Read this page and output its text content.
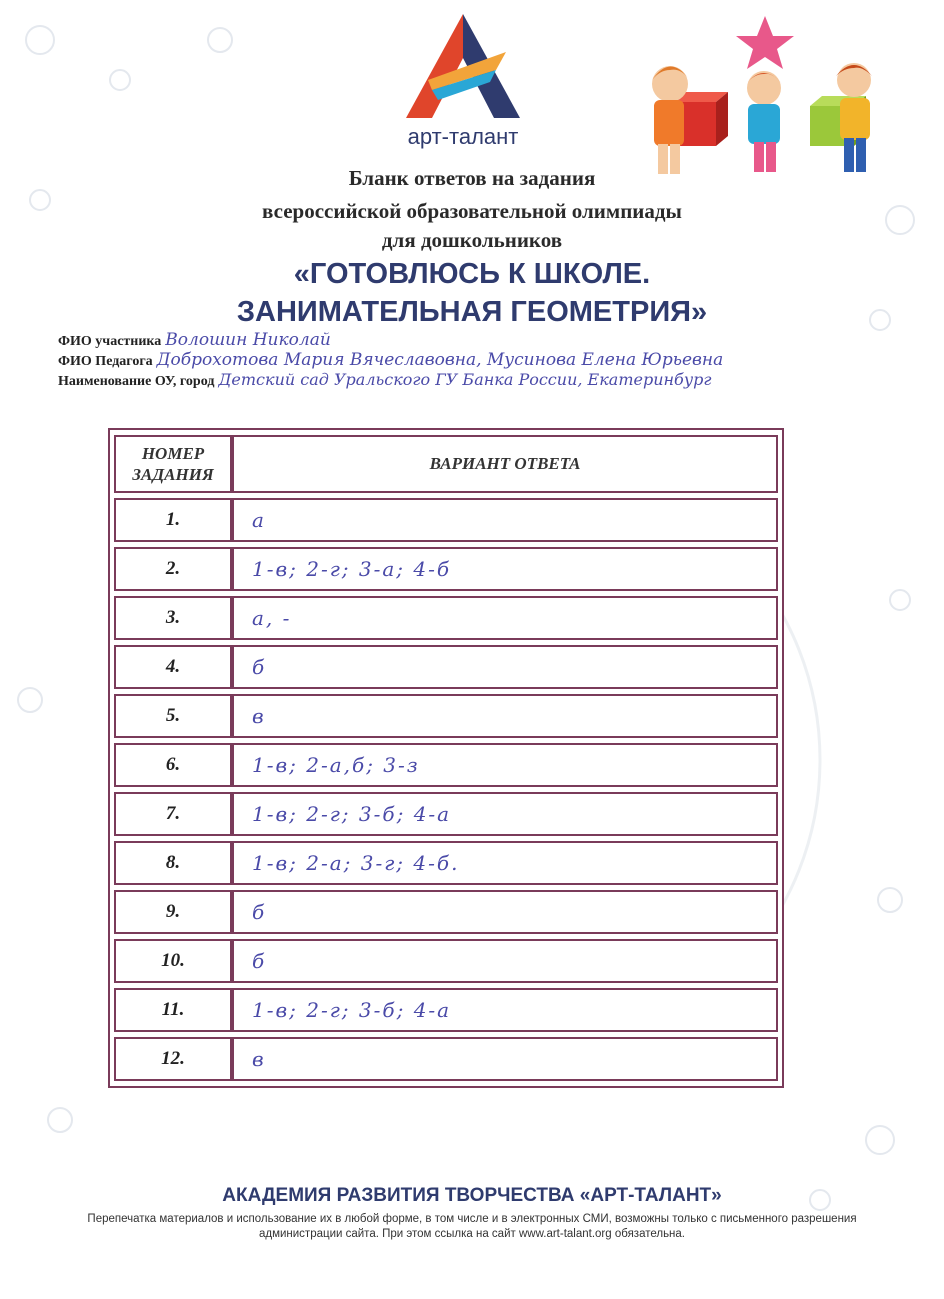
арт-талант
Бланк ответов на задания
всероссийской образовательной олимпиады
для дошкольников
«ГОТОВЛЮСЬ К ШКОЛЕ.
ЗАНИМАТЕЛЬНАЯ ГЕОМЕТРИЯ»
ФИО участника Волошин Николай
ФИО Педагога Доброхотова Мария Вячеславовна, Мусинова Елена Юрьевна
Наименование ОУ, город Детский сад Уральского ГУ Банка России, Екатеринбург
НОМЕР ЗАДАНИЯ	ВАРИАНТ ОТВЕТА
1.	а
2.	1-в; 2-г; 3-а; 4-б
3.	а, -
4.	б
5.	в
6.	1-в; 2-а,б; 3-з
7.	1-в; 2-г; 3-б; 4-а
8.	1-в; 2-а; 3-г; 4-б.
9.	б
10.	б
11.	1-в; 2-г; 3-б; 4-а
12.	в
АКАДЕМИЯ РАЗВИТИЯ ТВОРЧЕСТВА «АРТ-ТАЛАНТ»
Перепечатка материалов и использование их в любой форме, в том числе и в электронных СМИ, возможны только с письменного разрешения администрации сайта. При этом ссылка на сайт www.art-talant.org обязательна.
